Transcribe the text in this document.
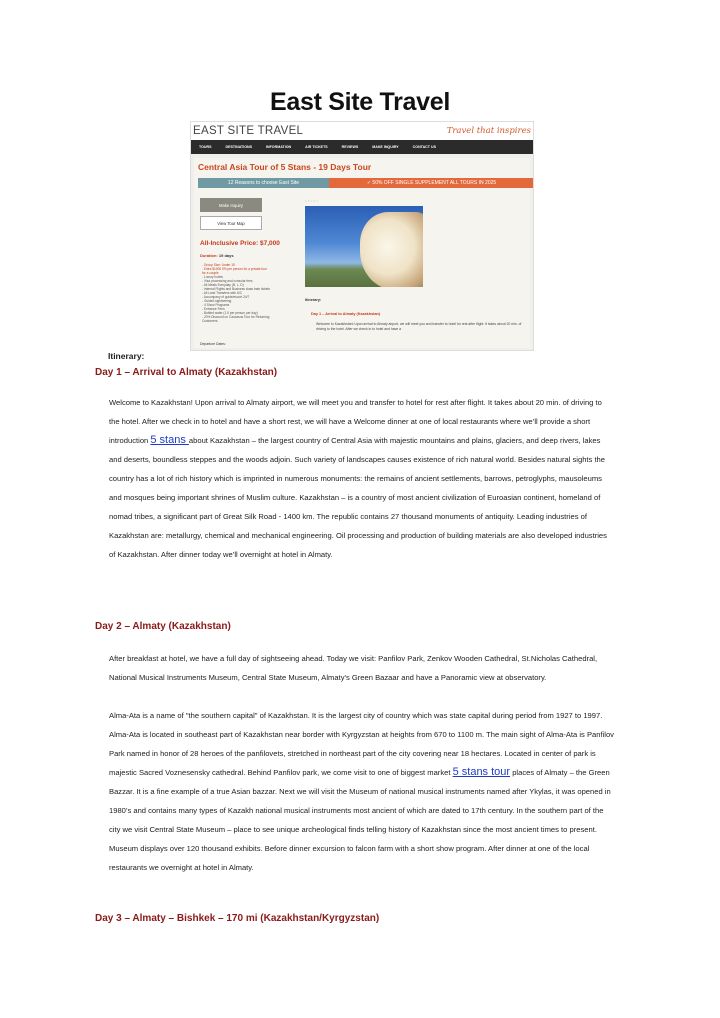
East Site Travel
EAST SITE TRAVEL	Travel that inspires
TOURS	DESTINATIONS	INFORMATION	AIR TICKETS	REVIEWS	MAKE INQUIRY	CONTACT US
Central Asia Tour of 5 Stans - 19 Days Tour
12 Reasons to choose East Site	✓ 50% OFF SINGLE SUPPLEMENT ALL TOURS IN 2025
Make Inquiry
View Tour Map
All-Inclusive Price: $7,000
Duration: 19 days
- Group Size: Under 15
- Extra $1000 0% per person for a private tour
for a couple
- Luxury hotels
- Visa processing and consular fees
- All Meals Everyday (B, L, D)
- Internal Flights and Business class train tickets
- All Land Transfers with A/C
- Accompany of guide/escort 24/7
- Guided sightseeing
- 4 Show Programs
- Entrance Fees
- Bottled water (1.5 per person per day)
- 20% Discount on Caucasus Tour for Returning
Customers
Departure Dates:
○ ○ ○ ○ ○
Itinerary:
Day 1 – Arrival to Almaty (Kazakhstan)
Welcome to Kazakhstan! Upon arrival to Almaty airport, we will meet you and transfer to hotel for rest after flight. It takes about 20 min. of driving to the hotel. After we check in to hotel and have a
Itinerary:
Day 1 – Arrival to Almaty (Kazakhstan)

Welcome to Kazakhstan! Upon arrival to Almaty airport, we will meet you and transfer to hotel for rest after flight. It takes about 20 min. of driving to the hotel. After we check in to hotel and have a short rest, we will have a Welcome dinner at one of local restaurants where we’ll provide a short introduction 5 stans about Kazakhstan – the largest country of Central Asia with majestic mountains and plains, glaciers, and deep rivers, lakes and deserts, boundless steppes and the woods adjoin. Such variety of landscapes causes existence of rich natural world. Besides natural sights the country has a lot of rich history which is imprinted in numerous monuments: the remains of ancient settlements, barrows, petroglyphs, mausoleums and mosques being important shrines of Muslim culture. Kazakhstan – is a country of most ancient civilization of Euroasian continent, homeland of nomad tribes, a significant part of Great Silk Road - 1400 km. The republic contains 27 thousand monuments of antiquity. Leading industries of Kazakhstan are: metallurgy, chemical and mechanical engineering. Oil processing and production of building materials are also developed industries of Kazakhstan. After dinner today we’ll overnight at hotel in Almaty.

Day 2 – Almaty (Kazakhstan)

After breakfast at hotel, we have a full day of sightseeing ahead. Today we visit: Panfilov Park, Zenkov Wooden Cathedral, St.Nicholas Cathedral, National Musical Instruments Museum, Central State Museum, Almaty's Green Bazaar and have a Panoramic view at observatory.

Alma-Ata is a name of "the southern capital" of Kazakhstan. It is the largest city of country which was state capital during period from 1927 to 1997. Alma-Ata is located in southeast part of Kazakhstan near border with Kyrgyzstan at heights from 670 to 1100 m. The main sight of Alma-Ata is Panfilov Park named in honor of 28 heroes of the panfilovets, stretched in northeast part of the city covering near 18 hectares. Located in center of park is majestic Sacred Voznesensky cathedral. Behind Panfilov park, we come visit to one of biggest market 5 stans tour places of Almaty – the Green Bazzar. It is a fine example of a true Asian bazzar. Next we will visit the Museum of national musical instruments named after Ykylas, it was opened in 1980’s and contains many types of Kazakh national musical instruments most ancient of which are dated to 17th century. In the southern part of the city we visit Central State Museum – place to see unique archeological finds telling history of Kazakhstan since the most ancient times to present. Museum displays over 120 thousand exhibits. Before dinner excursion to falcon farm with a short show program. After dinner at one of the local restaurants we overnight at hotel in Almaty.

Day 3 – Almaty – Bishkek – 170 mi (Kazakhstan/Kyrgyzstan)
